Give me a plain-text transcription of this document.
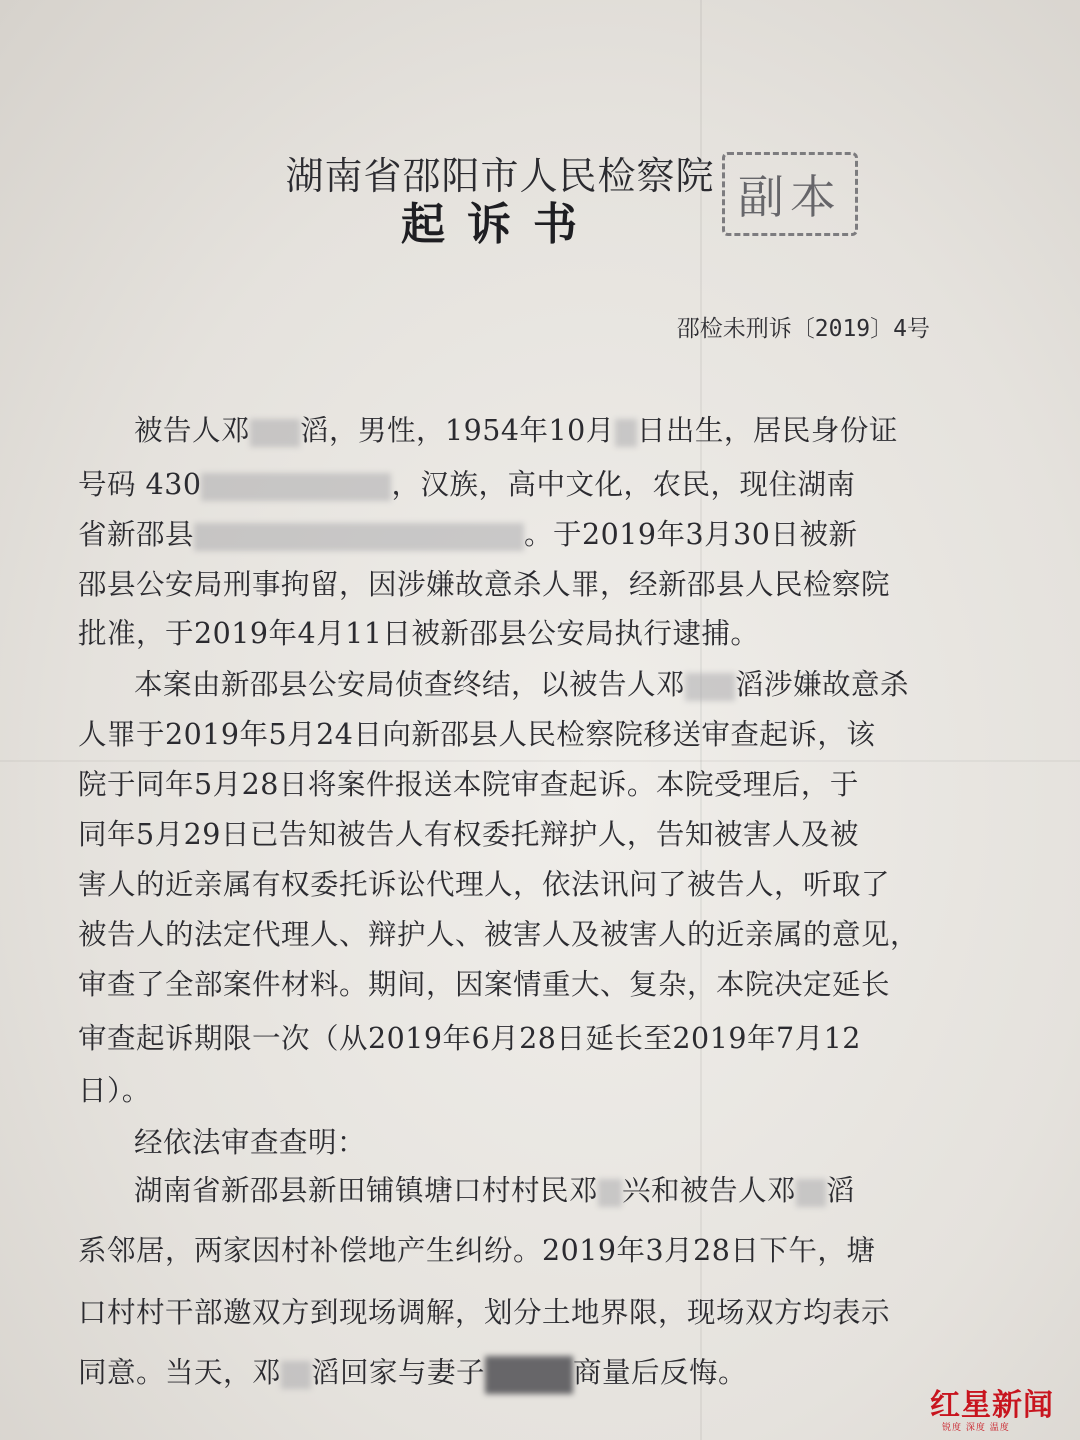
湖南省邵阳市人民检察院
起诉书
副本
邵检未刑诉〔2019〕4号
被告人邓 滔，男性，1954年10月 日出生，居民身份证
号码 430	，汉族，高中文化，农民，现住湖南
省新邵县	。于2019年3月30日被新
邵县公安局刑事拘留，因涉嫌故意杀人罪，经新邵县人民检察院
批准，于2019年4月11日被新邵县公安局执行逮捕。
本案由新邵县公安局侦查终结，以被告人邓 滔涉嫌故意杀
人罪于2019年5月24日向新邵县人民检察院移送审查起诉，该
院于同年5月28日将案件报送本院审查起诉。本院受理后，于
同年5月29日已告知被告人有权委托辩护人，告知被害人及被
害人的近亲属有权委托诉讼代理人，依法讯问了被告人，听取了
被告人的法定代理人、辩护人、被害人及被害人的近亲属的意见，
审查了全部案件材料。期间，因案情重大、复杂，本院决定延长
审查起诉期限一次（从2019年6月28日延长至2019年7月12
日）。
经依法审查查明：
湖南省新邵县新田铺镇塘口村村民邓 兴和被告人邓 滔
系邻居，两家因村补偿地产生纠纷。2019年3月28日下午，塘
口村村干部邀双方到现场调解，划分土地界限，现场双方均表示
同意。当天，邓 滔回家与妻子	商量后反悔。
红星新闻
锐度 深度 温度
